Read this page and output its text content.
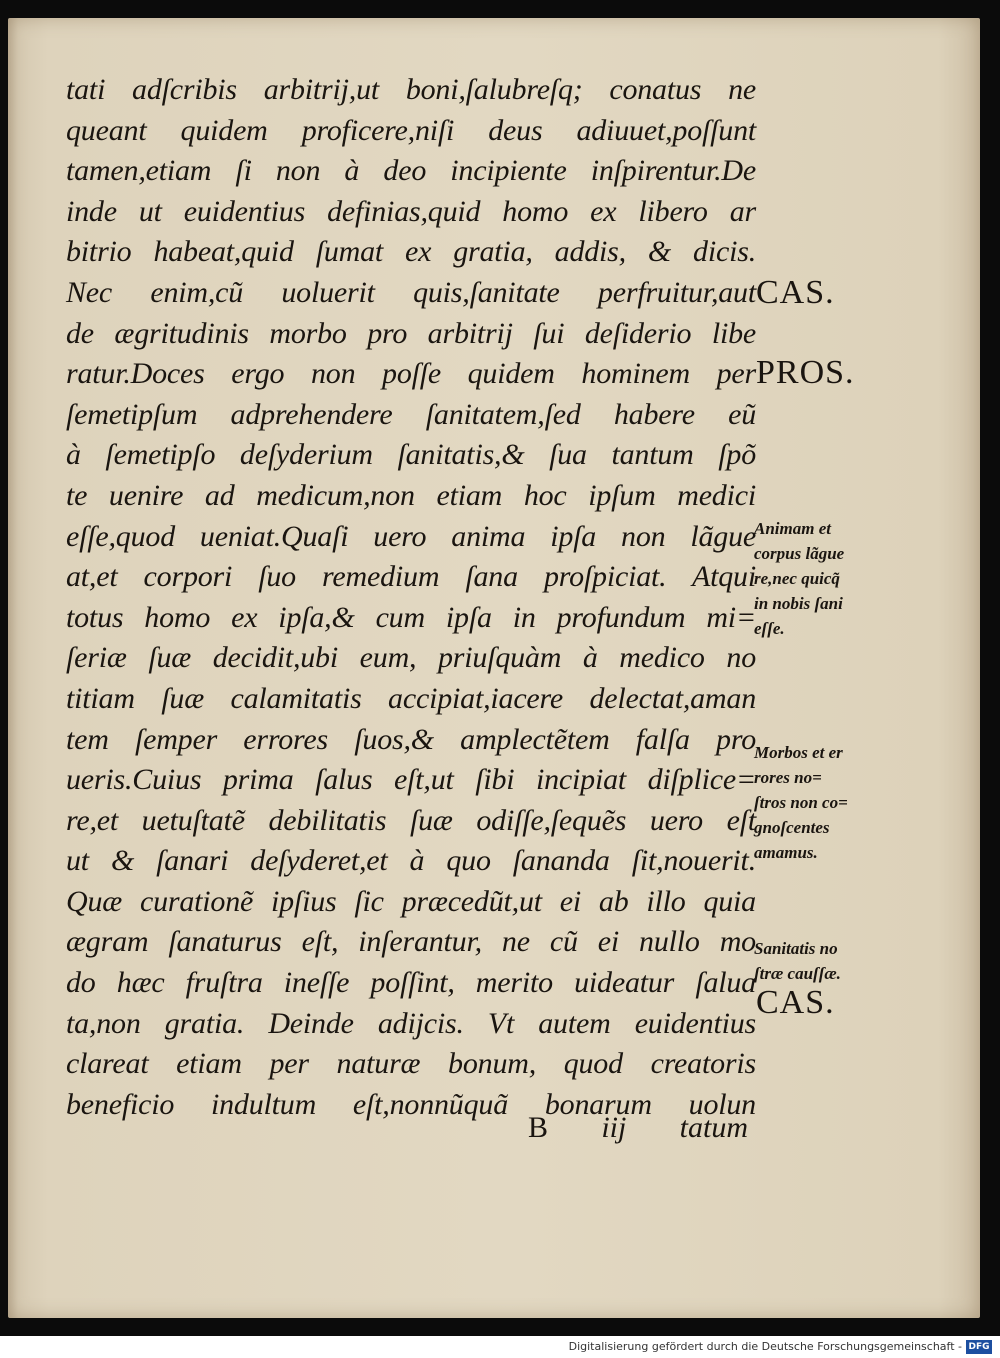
tati adſcribis arbitrij,ut boni,ſalubreſq; conatus ne
queant quidem proficere,niſi deus adiuuet,poſſunt
tamen,etiam ſi non à deo incipiente inſpirentur.De
inde ut euidentius definias,quid homo ex libero ar
bitrio habeat,quid ſumat ex gratia, addis, & dicis.
Nec enim,cũ uoluerit quis,ſanitate perfruitur,aut
de ægritudinis morbo pro arbitrij ſui deſiderio libe
ratur.Doces ergo non poſſe quidem hominem per
ſemetipſum adprehendere ſanitatem,ſed habere eũ
à ſemetipſo deſyderium ſanitatis,& ſua tantum ſpõ
te uenire ad medicum,non etiam hoc ipſum medici
eſſe,quod ueniat.Quaſi uero anima ipſa non lãgue
at,et corpori ſuo remedium ſana proſpiciat. Atqui
totus homo ex ipſa,& cum ipſa in profundum mi=
ſeriæ ſuæ decidit,ubi eum, priuſquàm à medico no
titiam ſuæ calamitatis accipiat,iacere delectat,aman
tem ſemper errores ſuos,& amplectẽtem falſa pro
ueris.Cuius prima ſalus eſt,ut ſibi incipiat diſplice=
re,et uetuſtatẽ debilitatis ſuæ odiſſe,ſequẽs uero eſt
ut & ſanari deſyderet,et à quo ſananda ſit,nouerit.
Quæ curationẽ ipſius ſic præcedũt,ut ei ab illo quia
ægram ſanaturus eſt, inſerantur, ne cũ ei nullo mo
do hæc fruſtra ineſſe poſſint, merito uideatur ſalua
ta,non gratia. Deinde adijcis. Vt autem euidentius
clareat etiam per naturæ bonum, quod creatoris
beneficio indultum eſt,nonnũquã bonarum uolun
B iij tatum
CAS.
PROS.
CAS.
Animam et
corpus lãgue
re,nec quicq̃
in nobis ſani
eſſe.
Morbos et er
rores no=
ſtros non co=
gnoſcentes
amamus.
Sanitatis no
ſtræ cauſſæ.
Digitalisierung gefördert durch die Deutsche Forschungsgemeinschaft - DFG
